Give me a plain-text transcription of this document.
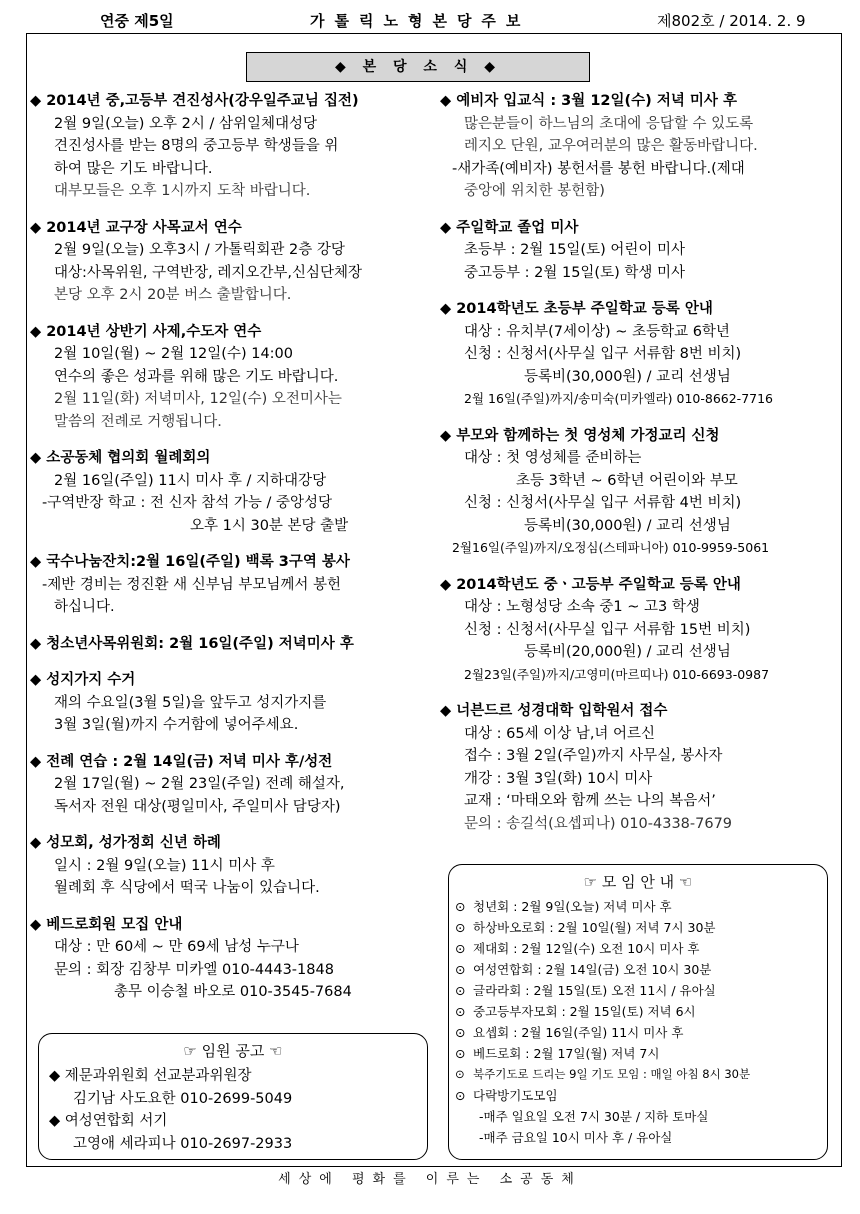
연중 제5일	가톨릭노형본당주보	제802호 / 2014. 2. 9
◆ 본 당 소 식 ◆
◆ 2014년 중,고등부 견진성사(강우일주교님 집전)
2월 9일(오늘) 오후 2시 / 삼위일체대성당
견진성사를 받는 8명의 중고등부 학생들을 위
하여 많은 기도 바랍니다.
대부모들은 오후 1시까지 도착 바랍니다.
◆ 2014년 교구장 사목교서 연수
2월 9일(오늘) 오후3시 / 가톨릭회관 2층 강당
대상:사목위원, 구역반장, 레지오간부,신심단체장
본당 오후 2시 20분 버스 출발합니다.
◆ 2014년 상반기 사제,수도자 연수
2월 10일(월) ~ 2월 12일(수) 14:00
연수의 좋은 성과를 위해 많은 기도 바랍니다.
2월 11일(화) 저녁미사, 12일(수) 오전미사는
말씀의 전례로 거행됩니다.
◆ 소공동체 협의회 월례회의
2월 16일(주일) 11시 미사 후 / 지하대강당
-구역반장 학교 : 전 신자 참석 가능 / 중앙성당
오후 1시 30분 본당 출발
◆ 국수나눔잔치:2월 16일(주일) 백록 3구역 봉사
-제반 경비는 정진환 새 신부님 부모님께서 봉헌
하십니다.
◆ 청소년사목위원회: 2월 16일(주일) 저녁미사 후
◆ 성지가지 수거
재의 수요일(3월 5일)을 앞두고 성지가지를
3월 3일(월)까지 수거함에 넣어주세요.
◆ 전례 연습 : 2월 14일(금) 저녁 미사 후/성전
2월 17일(월) ~ 2월 23일(주일) 전례 해설자,
독서자 전원 대상(평일미사, 주일미사 담당자)
◆ 성모회, 성가정회 신년 하례
일시 : 2월 9일(오늘) 11시 미사 후
월례회 후 식당에서 떡국 나눔이 있습니다.
◆ 베드로회원 모집 안내
대상 : 만 60세 ~ 만 69세 남성 누구나
문의 : 회장 김창부 미카엘 010-4443-1848
총무 이승철 바오로 010-3545-7684
◆ 예비자 입교식 : 3월 12일(수) 저녁 미사 후
많은분들이 하느님의 초대에 응답할 수 있도록
레지오 단원, 교우여러분의 많은 활동바랍니다.
-새가족(예비자) 봉헌서를 봉헌 바랍니다.(제대
중앙에 위치한 봉헌함)
◆ 주일학교 졸업 미사
초등부 : 2월 15일(토) 어린이 미사
중고등부 : 2월 15일(토) 학생 미사
◆ 2014학년도 초등부 주일학교 등록 안내
대상 : 유치부(7세이상) ~ 초등학교 6학년
신청 : 신청서(사무실 입구 서류함 8번 비치)
등록비(30,000원) / 교리 선생님
2월 16일(주일)까지/송미숙(미카엘라) 010-8662-7716
◆ 부모와 함께하는 첫 영성체 가정교리 신청
대상 : 첫 영성체를 준비하는
초등 3학년 ~ 6학년 어린이와 부모
신청 : 신청서(사무실 입구 서류함 4번 비치)
등록비(30,000원) / 교리 선생님
2월16일(주일)까지/오정심(스테파니아) 010-9959-5061
◆ 2014학년도 중ㆍ고등부 주일학교 등록 안내
대상 : 노형성당 소속 중1 ~ 고3 학생
신청 : 신청서(사무실 입구 서류함 15번 비치)
등록비(20,000원) / 교리 선생님
2월23일(주일)까지/고영미(마르띠나) 010-6693-0987
◆ 너븐드르 성경대학 입학원서 접수
대상 : 65세 이상 남,녀 어르신
접수 : 3월 2일(주일)까지 사무실, 봉사자
개강 : 3월 3일(화) 10시 미사
교재 : ‘마태오와 함께 쓰는 나의 복음서’
문의 : 송길석(요셉피나) 010-4338-7679
☞ 임원 공고 ☜
◆ 제문과위원회 선교분과위원장
김기남 사도요한 010-2699-5049
◆ 여성연합회 서기
고영애 세라피나 010-2697-2933
☞ 모 임 안 내 ☜
⊙ 청년회 : 2월 9일(오늘) 저녁 미사 후
⊙ 하상바오로회 : 2월 10일(월) 저녁 7시 30분
⊙ 제대회 : 2월 12일(수) 오전 10시 미사 후
⊙ 여성연합회 : 2월 14일(금) 오전 10시 30분
⊙ 글라라회 : 2월 15일(토) 오전 11시 / 유아실
⊙ 중고등부자모회 : 2월 15일(토) 저녁 6시
⊙ 요셉회 : 2월 16일(주일) 11시 미사 후
⊙ 베드로회 : 2월 17일(월) 저녁 7시
⊙ 북주기도로 드리는 9일 기도 모임 : 매일 아침 8시 30분
⊙ 다락방기도모임
-매주 일요일 오전 7시 30분 / 지하 토마실
-매주 금요일 10시 미사 후 / 유아실
세상에 평화를 이루는 소공동체
